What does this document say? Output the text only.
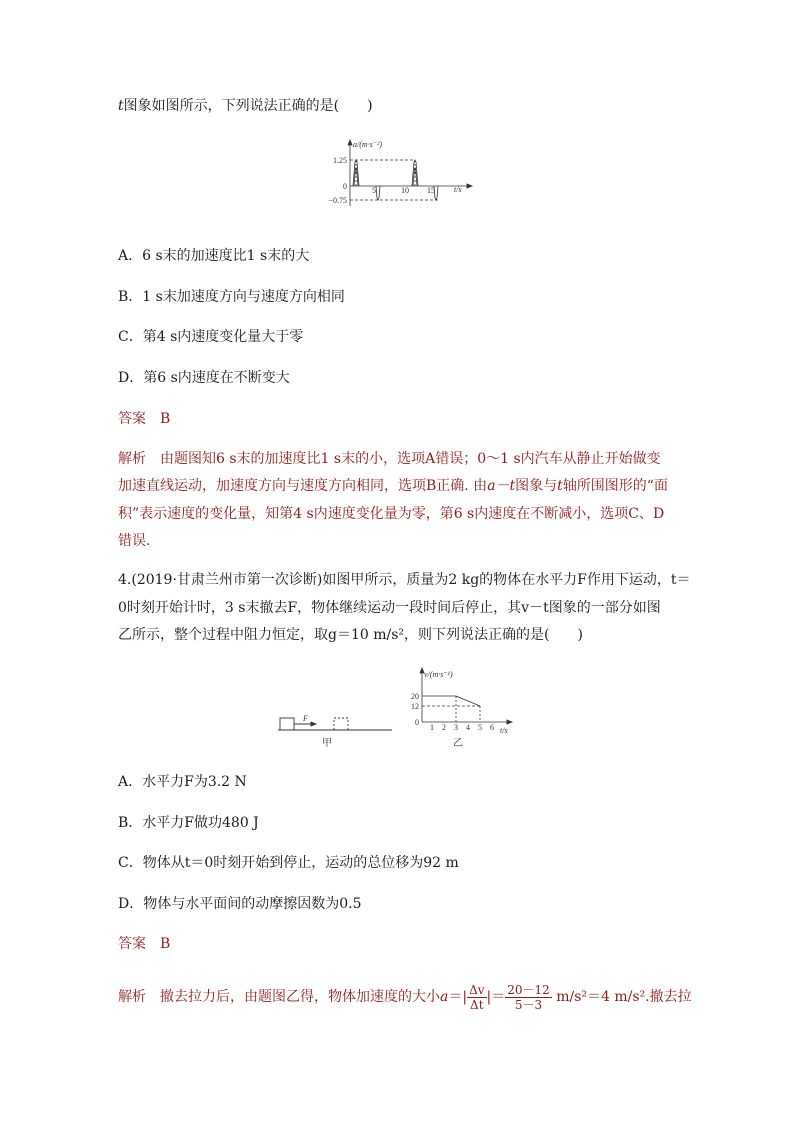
t图象如图所示，下列说法正确的是(　　)
a/(m·s⁻²)
t/s
1.25
0
−0.75
5	10 15
A．6 s末的加速度比1 s末的大
B．1 s末加速度方向与速度方向相同
C．第4 s内速度变化量大于零
D．第6 s内速度在不断变大
答案　B
解析　由题图知6 s末的加速度比1 s末的小，选项A错误；0～1 s内汽车从静止开始做变
加速直线运动，加速度方向与速度方向相同，选项B正确. 由a－t图象与t轴所围图形的“面
积”表示速度的变化量，知第4 s内速度变化量为零，第6 s内速度在不断减小，选项C、D
错误.
4.(2019·甘肃兰州市第一次诊断)如图甲所示，质量为2 kg的物体在水平力F作用下运动，t＝
0时刻开始计时，3 s末撤去F，物体继续运动一段时间后停止，其v－t图象的一部分如图
乙所示，整个过程中阻力恒定，取g＝10 m/s²，则下列说法正确的是(　　)
F
甲
v/(m·s⁻¹)
t/s
20
12
0
1 2 3 4 5 6
乙
A．水平力F为3.2 N
B．水平力F做功480 J
C．物体从t＝0时刻开始到停止，运动的总位移为92 m
D．物体与水平面间的动摩擦因数为0.5
答案　B
解析　撤去拉力后，由题图乙得，物体加速度的大小$a=| \frac{\Delta v}{\Delta t}$ |＝ $\frac{20-12}{5-3} m/s^2=4$ m/s².撤去拉
